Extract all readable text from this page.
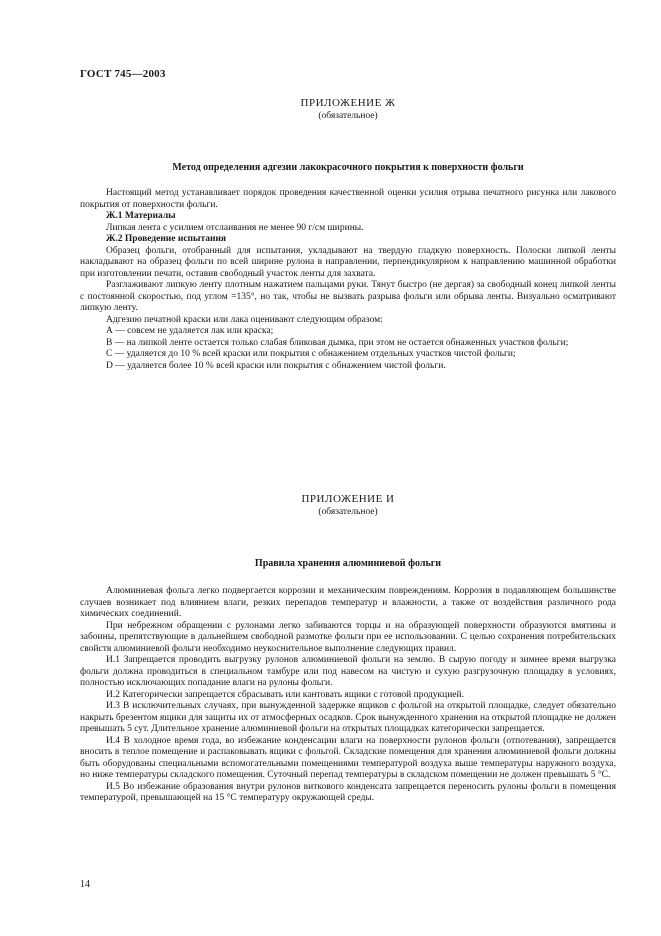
ГОСТ 745—2003
ПРИЛОЖЕНИЕ Ж
(обязательное)
Метод определения адгезии лакокрасочного покрытия к поверхности фольги

Настоящий метод устанавливает порядок проведения качественной оценки усилия отрыва печатного рисунка или лакового покрытия от поверхности фольги.

Ж.1 Материалы

Липкая лента с усилием отслаивания не менее 90 г/см ширины.

Ж.2 Проведение испытания

Образец фольги, отобранный для испытания, укладывают на твердую гладкую поверхность. Полоски липкой ленты накладывают на образец фольги по всей ширине рулона в направлении, перпендикулярном к направлению машинной обработки при изготовлении печати, оставив свободный участок ленты для захвата.

Разглаживают липкую ленту плотным нажатием пальцами руки. Тянут быстро (не дергая) за свободный конец липкой ленты с постоянной скоростью, под углом =135°, но так, чтобы не вызвать разрыва фольги или обрыва ленты. Визуально осматривают липкую ленту.

Адгезию печатной краски или лака оценивают следующим образом:

А — совсем не удаляется лак или краска;

В — на липкой ленте остается только слабая бликовая дымка, при этом не остается обнаженных участков фольги;

С — удаляется до 10 % всей краски или покрытия с обнажением отдельных участков чистой фольги;

D — удаляется более 10 % всей краски или покрытия с обнажением чистой фольги.

ПРИЛОЖЕНИЕ И
(обязательное)
Правила хранения алюминиевой фольги

Алюминиевая фольга легко подвергается коррозии и механическим повреждениям. Коррозия в подавляющем большинстве случаев возникает под влиянием влаги, резких перепадов температур и влажности, а также от воздействия различного рода химических соединений.

При небрежном обращении с рулонами легко забиваются торцы и на образующей поверхности образуются вмятины и забоины, препятствующие в дальнейшем свободной размотке фольги при ее использовании. С целью сохранения потребительских свойств алюминиевой фольги необходимо неукоснительное выполнение следующих правил.

И.1 Запрещается проводить выгрузку рулонов алюминиевой фольги на землю. В сырую погоду и зимнее время выгрузка фольги должна проводиться в специальном тамбуре или под навесом на чистую и сухую разгрузочную площадку в условиях, полностью исключающих попадание влаги на рулоны фольги.

И.2 Категорически запрещается сбрасывать или кантовать ящики с готовой продукцией.

И.3 В исключительных случаях, при вынужденной задержке ящиков с фольгой на открытой площадке, следует обязательно накрыть брезентом ящики для защиты их от атмосферных осадков. Срок вынужденного хранения на открытой площадке не должен превышать 5 сут. Длительное хранение алюминиевой фольги на открытых площадках категорически запрещается.

И.4 В холодное время года, во избежание конденсации влаги на поверхности рулонов фольги (отпотевания), запрещается вносить в теплое помещение и распаковывать ящики с фольгой. Складские помещения для хранения алюминиевой фольги должны быть оборудованы специальными вспомогательными помещениями температурой воздуха выше температуры наружного воздуха, но ниже температуры складского помещения. Суточный перепад температуры в складском помещении не должен превышать 5 °С.

И.5 Во избежание образования внутри рулонов виткового конденсата запрещается переносить рулоны фольги в помещения температурой, превышающей на 15 °С температуру окружающей среды.

14
